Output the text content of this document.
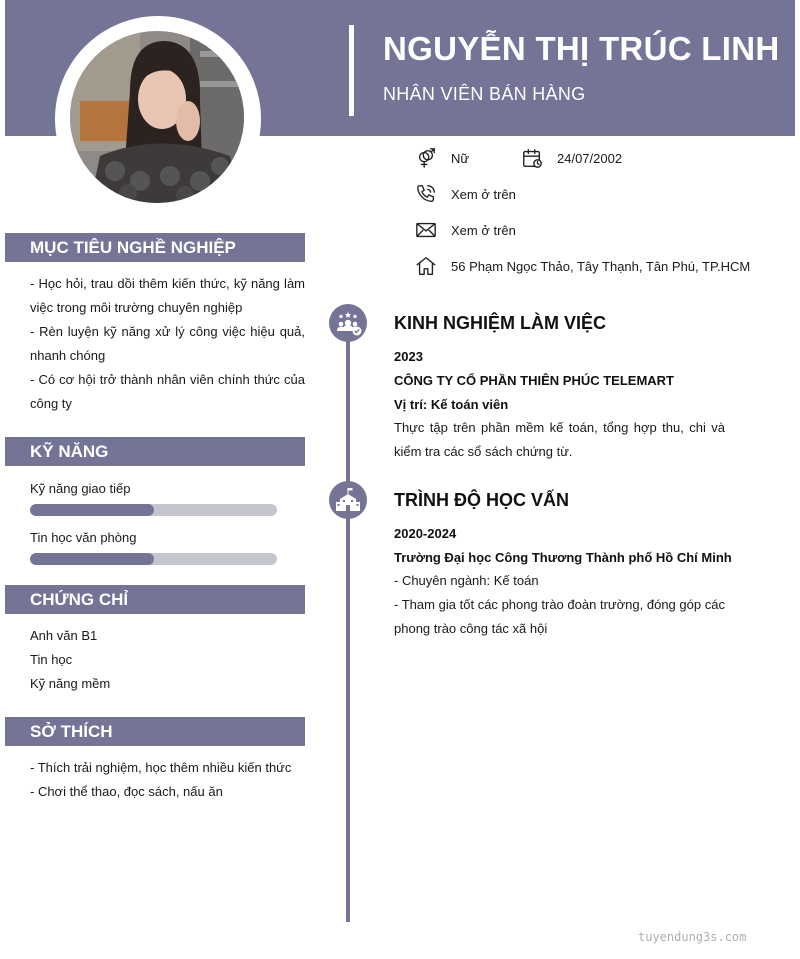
NGUYỄN THỊ TRÚC LINH
NHÂN VIÊN BÁN HÀNG
Nữ	24/07/2002
Xem ở trên
Xem ở trên
56 Phạm Ngọc Thảo, Tây Thạnh, Tân Phú, TP.HCM
MỤC TIÊU NGHỀ NGHIỆP

- Học hỏi, trau dồi thêm kiến thức, kỹ năng làm việc trong môi trường chuyên nghiệp

- Rèn luyện kỹ năng xử lý công việc hiệu quả, nhanh chóng

- Có cơ hội trở thành nhân viên chính thức của công ty

KỸ NĂNG
Kỹ năng giao tiếp
Tin học văn phòng
CHỨNG CHỈ

Anh văn B1

Tin học

Kỹ năng mềm

SỞ THÍCH

- Thích trải nghiệm, học thêm nhiều kiến thức

- Chơi thể thao, đọc sách, nấu ăn

KINH NGHIỆM LÀM VIỆC
2023
CÔNG TY CỔ PHẦN THIÊN PHÚC TELEMART
Vị trí: Kế toán viên

Thực tập trên phần mềm kế toán, tổng hợp thu, chi và kiểm tra các sổ sách chứng từ.

TRÌNH ĐỘ HỌC VẤN
2020-2024
Trường Đại học Công Thương Thành phố Hồ Chí Minh

- Chuyên ngành: Kế toán

- Tham gia tốt các phong trào đoàn trường, đóng góp các phong trào công tác xã hội

tuyendung3s.com
